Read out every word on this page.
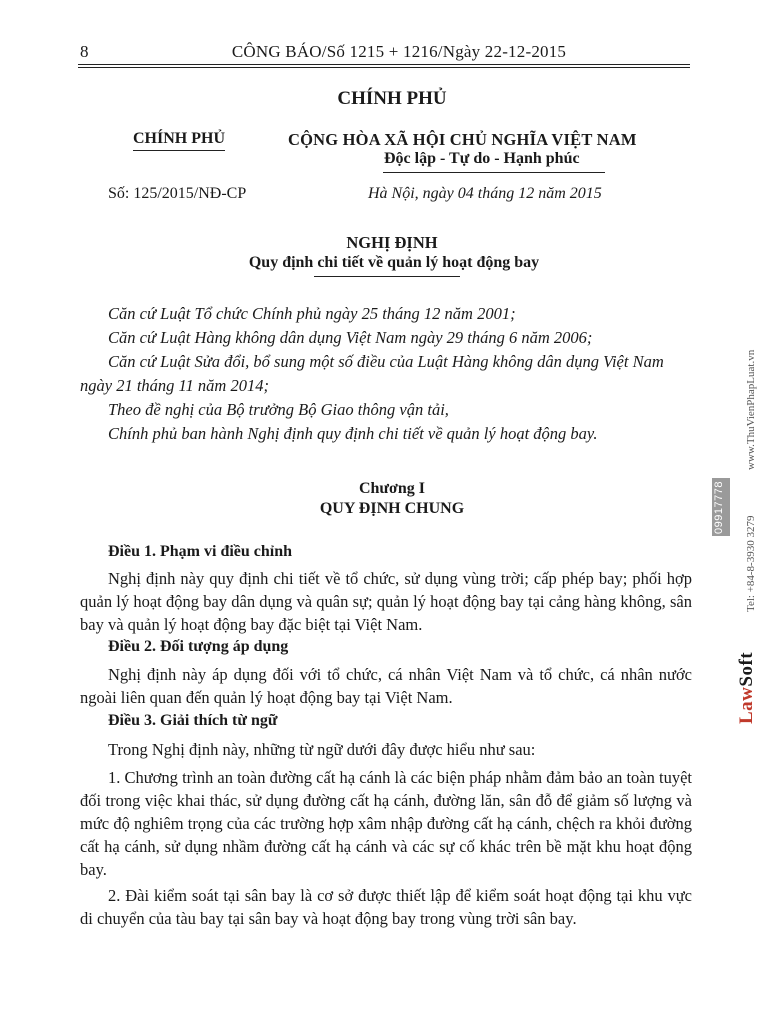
8	CÔNG BÁO/Số 1215 + 1216/Ngày 22-12-2015
CHÍNH PHỦ
CHÍNH PHỦ	CỘNG HÒA XÃ HỘI CHỦ NGHĨA VIỆT NAM
Độc lập - Tự do - Hạnh phúc
Số: 125/2015/NĐ-CP	Hà Nội, ngày 04 tháng 12 năm 2015
NGHỊ ĐỊNH
Quy định chi tiết về quản lý hoạt động bay
Căn cứ Luật Tổ chức Chính phủ ngày 25 tháng 12 năm 2001;
Căn cứ Luật Hàng không dân dụng Việt Nam ngày 29 tháng 6 năm 2006;
Căn cứ Luật Sửa đổi, bổ sung một số điều của Luật Hàng không dân dụng Việt Nam ngày 21 tháng 11 năm 2014;
Theo đề nghị của Bộ trưởng Bộ Giao thông vận tải,
Chính phủ ban hành Nghị định quy định chi tiết về quản lý hoạt động bay.
Chương I
QUY ĐỊNH CHUNG
Điều 1. Phạm vi điều chỉnh
Nghị định này quy định chi tiết về tổ chức, sử dụng vùng trời; cấp phép bay; phối hợp quản lý hoạt động bay dân dụng và quân sự; quản lý hoạt động bay tại cảng hàng không, sân bay và quản lý hoạt động bay đặc biệt tại Việt Nam.
Điều 2. Đối tượng áp dụng
Nghị định này áp dụng đối với tổ chức, cá nhân Việt Nam và tổ chức, cá nhân nước ngoài liên quan đến quản lý hoạt động bay tại Việt Nam.
Điều 3. Giải thích từ ngữ
Trong Nghị định này, những từ ngữ dưới đây được hiểu như sau:
1. Chương trình an toàn đường cất hạ cánh là các biện pháp nhằm đảm bảo an toàn tuyệt đối trong việc khai thác, sử dụng đường cất hạ cánh, đường lăn, sân đỗ để giảm số lượng và mức độ nghiêm trọng của các trường hợp xâm nhập đường cất hạ cánh, chệch ra khỏi đường cất hạ cánh, sử dụng nhầm đường cất hạ cánh và các sự cố khác trên bề mặt khu hoạt động bay.
2. Đài kiểm soát tại sân bay là cơ sở được thiết lập để kiểm soát hoạt động tại khu vực di chuyển của tàu bay tại sân bay và hoạt động bay trong vùng trời sân bay.
www.ThuVienPhapLuat.vn
Tel: +84-8-3930 3279
LawSoft
09917778
